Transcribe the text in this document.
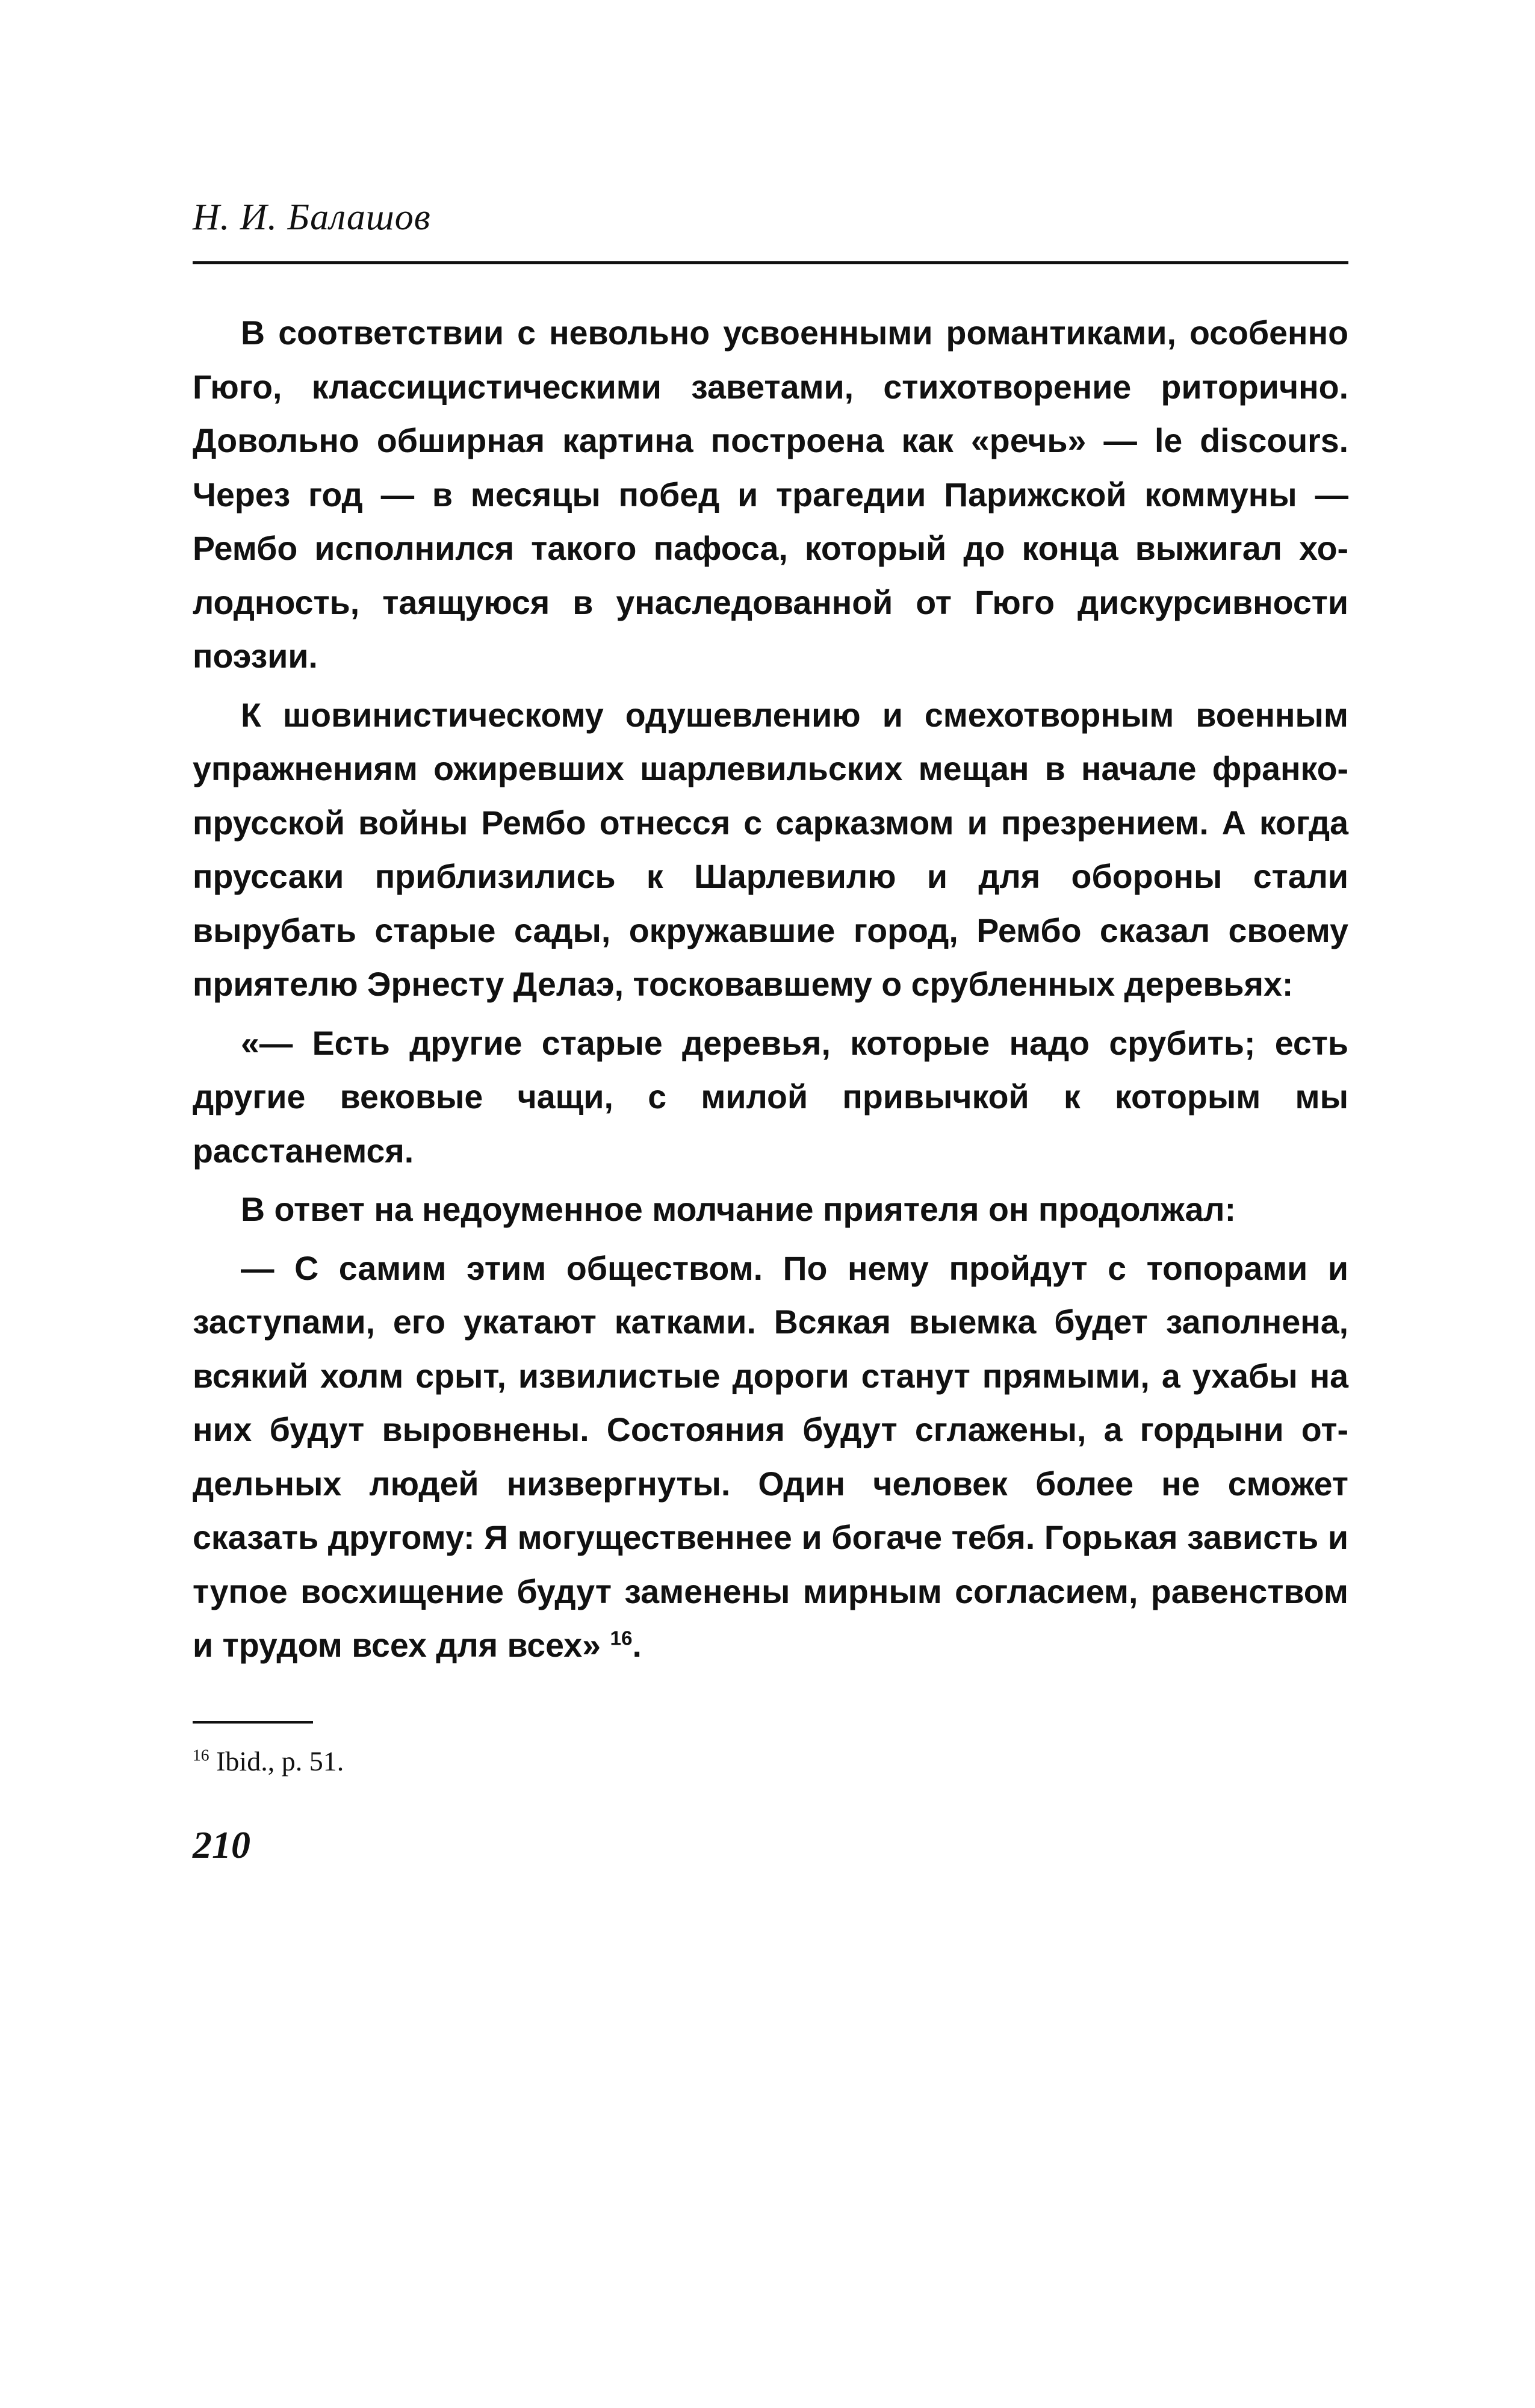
Н. И. Балашов

В соответствии с невольно усвоенными романтиками, особенно Гюго, классицистическими заветами, стихотворение риторично. Довольно обширная картина построена как «речь» — le discours. Через год — в месяцы побед и трагедии Парижской коммуны — Рембо исполнился такого пафоса, который до конца выжигал холодность, таящуюся в унаследованной от Гюго дискурсивности поэзии.

К шовинистическому одушевлению и смехотворным военным упражнениям ожиревших шарлевильских мещан в начале франко-прусской войны Рембо отнесся с сарказмом и презрением. А когда пруссаки приблизились к Шарлевилю и для обороны стали вырубать старые сады, окружавшие город, Рембо сказал своему приятелю Эрнесту Делаэ, тосковавшему о срубленных деревьях:

«— Есть другие старые деревья, которые надо срубить; есть другие вековые чащи, с милой привычкой к которым мы расстанемся.

В ответ на недоуменное молчание приятеля он продолжал:

— С самим этим обществом. По нему пройдут с топорами и заступами, его укатают катками. Всякая выемка будет заполнена, всякий холм срыт, извилистые дороги станут прямыми, а ухабы на них будут выровнены. Состояния будут сглажены, а гордыни отдельных людей низвергнуты. Один человек более не сможет сказать другому: Я могущественнее и богаче тебя. Горькая зависть и тупое восхищение будут заменены мирным согласием, равенством и трудом всех для всех» $^{16}$.

$^{16}$ Ibid., p. 51.
210
